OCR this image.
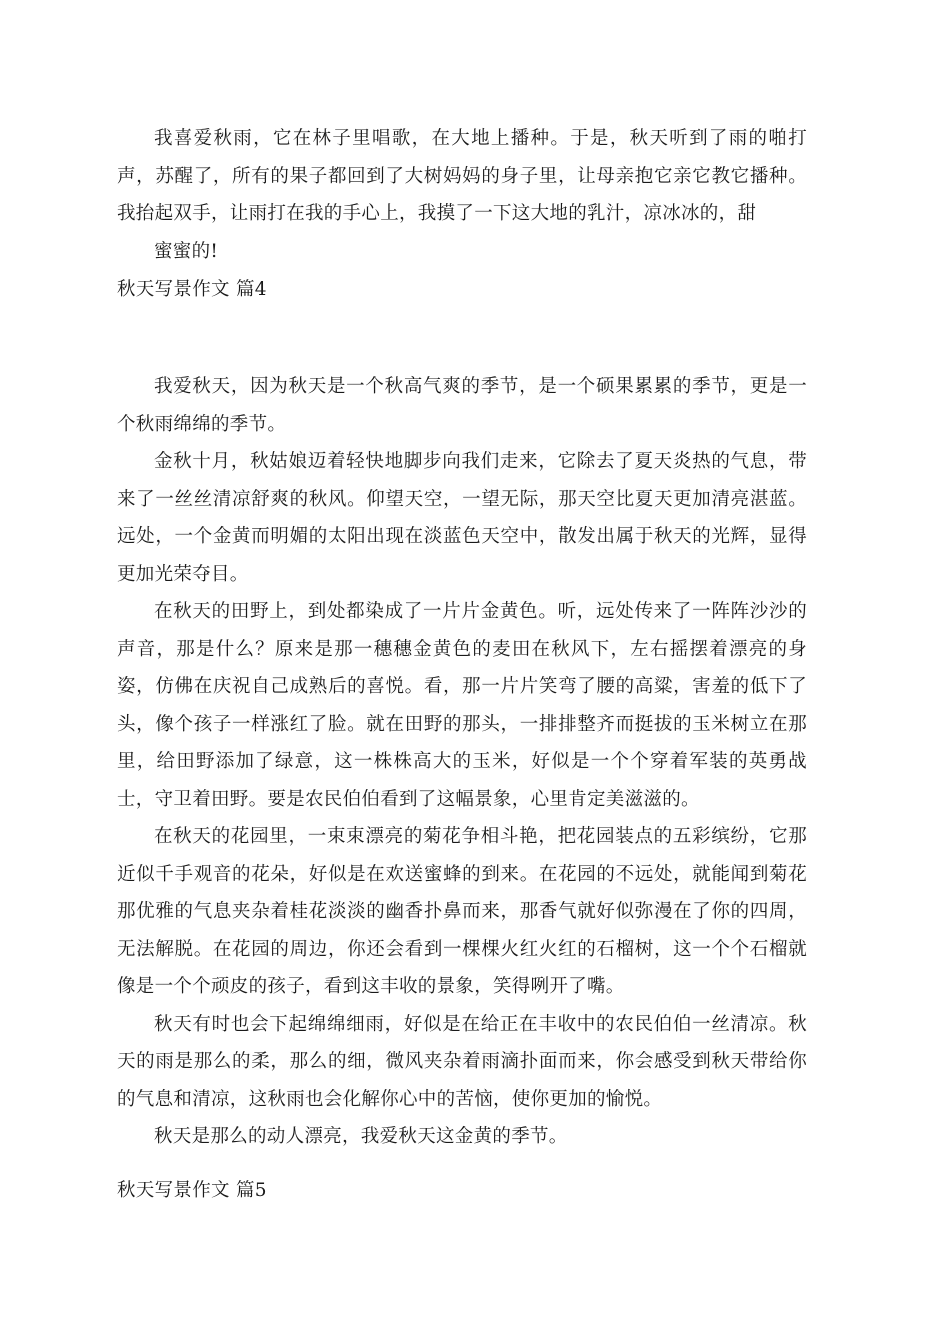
我喜爱秋雨，它在林子里唱歌，在大地上播种。于是，秋天听到了雨的啪打声，苏醒了，所有的果子都回到了大树妈妈的身子里，让母亲抱它亲它教它播种。我抬起双手，让雨打在我的手心上，我摸了一下这大地的乳汁，凉冰冰的，甜

蜜蜜的!

秋天写景作文 篇4

我爱秋天，因为秋天是一个秋高气爽的季节，是一个硕果累累的季节，更是一个秋雨绵绵的季节。

金秋十月，秋姑娘迈着轻快地脚步向我们走来，它除去了夏天炎热的气息，带来了一丝丝清凉舒爽的秋风。仰望天空，一望无际，那天空比夏天更加清亮湛蓝。远处，一个金黄而明媚的太阳出现在淡蓝色天空中，散发出属于秋天的光辉，显得更加光荣夺目。

在秋天的田野上，到处都染成了一片片金黄色。听，远处传来了一阵阵沙沙的声音，那是什么？原来是那一穗穗金黄色的麦田在秋风下，左右摇摆着漂亮的身姿，仿佛在庆祝自己成熟后的喜悦。看，那一片片笑弯了腰的高粱，害羞的低下了头，像个孩子一样涨红了脸。就在田野的那头，一排排整齐而挺拔的玉米树立在那里，给田野添加了绿意，这一株株高大的玉米，好似是一个个穿着军装的英勇战士，守卫着田野。要是农民伯伯看到了这幅景象，心里肯定美滋滋的。

在秋天的花园里，一束束漂亮的菊花争相斗艳，把花园装点的五彩缤纷，它那近似千手观音的花朵，好似是在欢送蜜蜂的到来。在花园的不远处，就能闻到菊花那优雅的气息夹杂着桂花淡淡的幽香扑鼻而来，那香气就好似弥漫在了你的四周，无法解脱。在花园的周边，你还会看到一棵棵火红火红的石榴树，这一个个石榴就像是一个个顽皮的孩子，看到这丰收的景象，笑得咧开了嘴。

秋天有时也会下起绵绵细雨，好似是在给正在丰收中的农民伯伯一丝清凉。秋天的雨是那么的柔，那么的细，微风夹杂着雨滴扑面而来，你会感受到秋天带给你的气息和清凉，这秋雨也会化解你心中的苦恼，使你更加的愉悦。

秋天是那么的动人漂亮，我爱秋天这金黄的季节。

秋天写景作文 篇5
